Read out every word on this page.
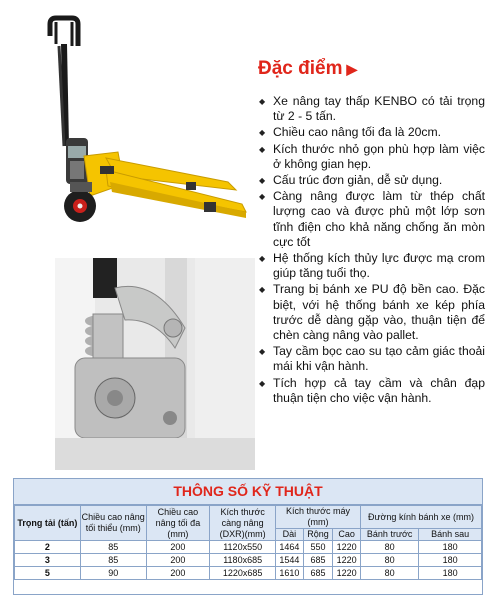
Đặc điểm ▶
◆ Xe nâng tay thấp KENBO có tải trọng từ 2 - 5 tấn.
◆ Chiều cao nâng tối đa là 20cm.
◆ Kích thước nhỏ gọn phù hợp làm việc ở không gian hẹp.
◆ Cấu trúc đơn giản, dễ sử dụng.
◆ Càng nâng được làm từ thép chất lượng cao và được phủ một lớp sơn tĩnh điện cho khả năng chống ăn mòn cực tốt
◆ Hệ thống kích thủy lực được mạ crom giúp tăng tuổi thọ.
◆ Trang bị bánh xe PU độ bền cao. Đặc biệt, với hệ thống bánh xe kép phía trước dễ dàng gặp vào, thuận tiện để chèn càng nâng vào pallet.
◆ Tay cầm bọc cao su tạo cảm giác thoải mái khi vận hành.
◆ Tích hợp cả tay cầm và chân đạp thuận tiện cho việc vận hành.
THÔNG SỐ KỸ THUẬT
Trọng tải (tấn)	Chiều cao nâng tối thiểu (mm)	Chiều cao nâng tối đa (mm)	Kích thước càng nâng (DXR)(mm)	Kích thước máy (mm)			Đường kính bánh xe (mm)	
				Dài	Rộng	Cao	Bánh trước	Bánh sau
2	85	200	1120x550	1464	550	1220	80	180
3	85	200	1180x685	1544	685	1220	80	180
5	90	200	1220x685	1610	685	1220	80	180
